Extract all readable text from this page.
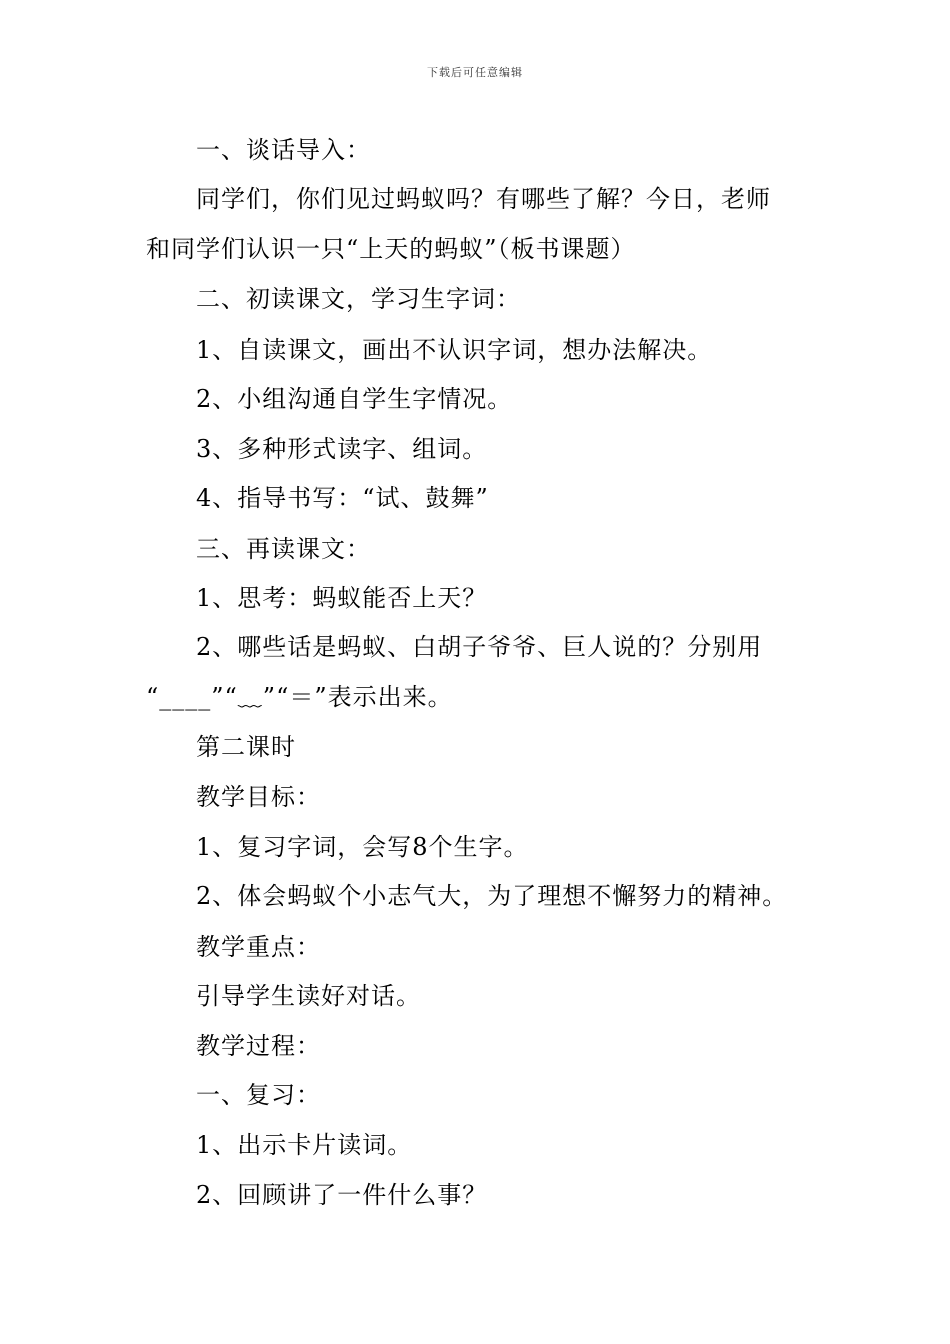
下载后可任意编辑
一、谈话导入：
同学们，你们见过蚂蚁吗？有哪些了解？今日，老师
和同学们认识一只“上天的蚂蚁”（板书课题）
二、初读课文，学习生字词：
1、自读课文，画出不认识字词，想办法解决。
2、小组沟通自学生字情况。
3、多种形式读字、组词。
4、指导书写：“试、鼓舞”
三、再读课文：
1、思考：蚂蚁能否上天？
2、哪些话是蚂蚁、白胡子爷爷、巨人说的？分别用
“____”“﹏”“＝”表示出来。
第二课时
教学目标：
1、复习字词，会写8个生字。
2、体会蚂蚁个小志气大，为了理想不懈努力的精神。
教学重点：
引导学生读好对话。
教学过程：
一、复习：
1、出示卡片读词。
2、回顾讲了一件什么事？
